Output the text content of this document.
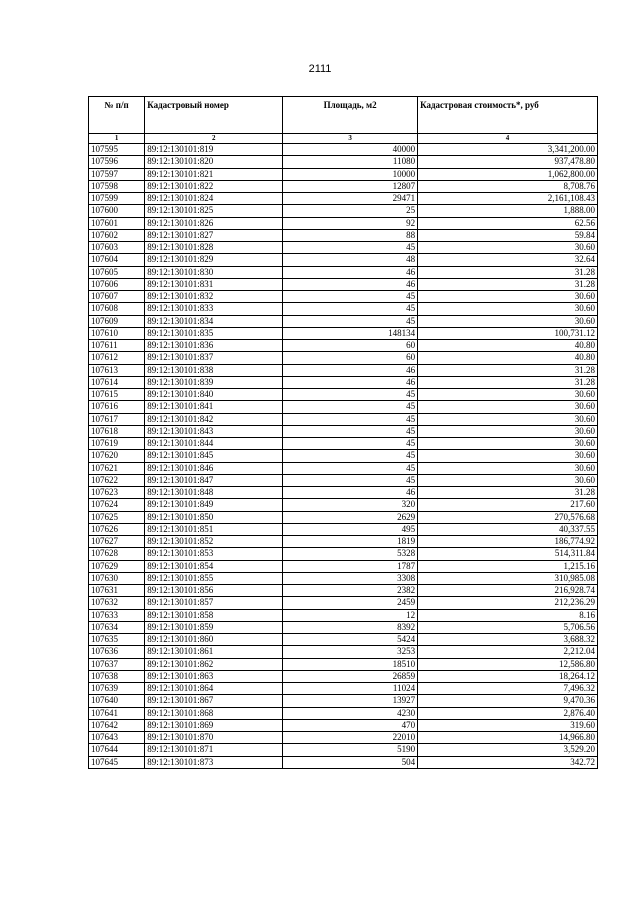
2111
№ п/п	Кадастровый номер	Площадь, м2	Кадастровая стоимость*, руб
1	2	3	4
107595	89:12:130101:819	40000	3,341,200.00
107596	89:12:130101:820	11080	937,478.80
107597	89:12:130101:821	10000	1,062,800.00
107598	89:12:130101:822	12807	8,708.76
107599	89:12:130101:824	29471	2,161,108.43
107600	89:12:130101:825	25	1,888.00
107601	89:12:130101:826	92	62.56
107602	89:12:130101:827	88	59.84
107603	89:12:130101:828	45	30.60
107604	89:12:130101:829	48	32.64
107605	89:12:130101:830	46	31.28
107606	89:12:130101:831	46	31.28
107607	89:12:130101:832	45	30.60
107608	89:12:130101:833	45	30.60
107609	89:12:130101:834	45	30.60
107610	89:12:130101:835	148134	100,731.12
107611	89:12:130101:836	60	40.80
107612	89:12:130101:837	60	40.80
107613	89:12:130101:838	46	31.28
107614	89:12:130101:839	46	31.28
107615	89:12:130101:840	45	30.60
107616	89:12:130101:841	45	30.60
107617	89:12:130101:842	45	30.60
107618	89:12:130101:843	45	30.60
107619	89:12:130101:844	45	30.60
107620	89:12:130101:845	45	30.60
107621	89:12:130101:846	45	30.60
107622	89:12:130101:847	45	30.60
107623	89:12:130101:848	46	31.28
107624	89:12:130101:849	320	217.60
107625	89:12:130101:850	2629	270,576.68
107626	89:12:130101:851	495	40,337.55
107627	89:12:130101:852	1819	186,774.92
107628	89:12:130101:853	5328	514,311.84
107629	89:12:130101:854	1787	1,215.16
107630	89:12:130101:855	3308	310,985.08
107631	89:12:130101:856	2382	216,928.74
107632	89:12:130101:857	2459	212,236.29
107633	89:12:130101:858	12	8.16
107634	89:12:130101:859	8392	5,706.56
107635	89:12:130101:860	5424	3,688.32
107636	89:12:130101:861	3253	2,212.04
107637	89:12:130101:862	18510	12,586.80
107638	89:12:130101:863	26859	18,264.12
107639	89:12:130101:864	11024	7,496.32
107640	89:12:130101:867	13927	9,470.36
107641	89:12:130101:868	4230	2,876.40
107642	89:12:130101:869	470	319.60
107643	89:12:130101:870	22010	14,966.80
107644	89:12:130101:871	5190	3,529.20
107645	89:12:130101:873	504	342.72
